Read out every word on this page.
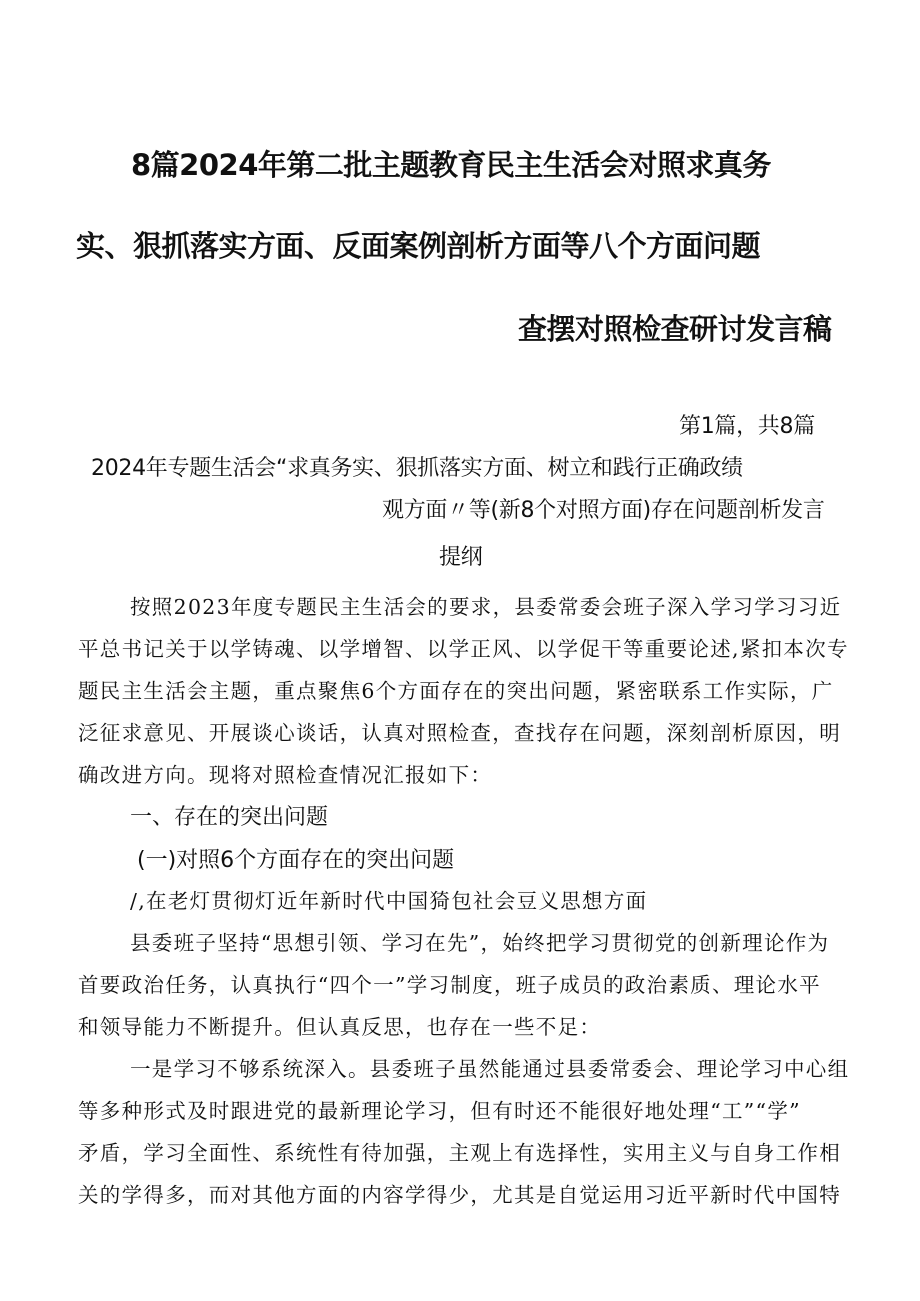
8篇2024年第二批主题教育民主生活会对照求真务
实、狠抓落实方面、反面案例剖析方面等八个方面问题
查摆对照检查研讨发言稿
第1篇，共8篇
2024年专题生活会“求真务实、狠抓落实方面、树立和践行正确政绩
观方面〃等(新8个对照方面)存在问题剖析发言
提纲
按照2023年度专题民主生活会的要求，县委常委会班子深入学习学习习近
平总书记关于以学铸魂、以学增智、以学正风、以学促干等重要论述,紧扣本次专
题民主生活会主题，重点聚焦6个方面存在的突出问题，紧密联系工作实际，广
泛征求意见、开展谈心谈话，认真对照检查，查找存在问题，深刻剖析原因，明
确改进方向。现将对照检查情况汇报如下：
一、存在的突出问题
(一)对照6个方面存在的突出问题
/,在老灯贯彻灯近年新时代中国猗包社会豆义思想方面
县委班子坚持“思想引领、学习在先”，始终把学习贯彻党的创新理论作为
首要政治任务，认真执行“四个一”学习制度，班子成员的政治素质、理论水平
和领导能力不断提升。但认真反思，也存在一些不足：
一是学习不够系统深入。县委班子虽然能通过县委常委会、理论学习中心组
等多种形式及时跟进党的最新理论学习，但有时还不能很好地处理“工”“学”
矛盾，学习全面性、系统性有待加强，主观上有选择性，实用主义与自身工作相
关的学得多，而对其他方面的内容学得少，尤其是自觉运用习近平新时代中国特
